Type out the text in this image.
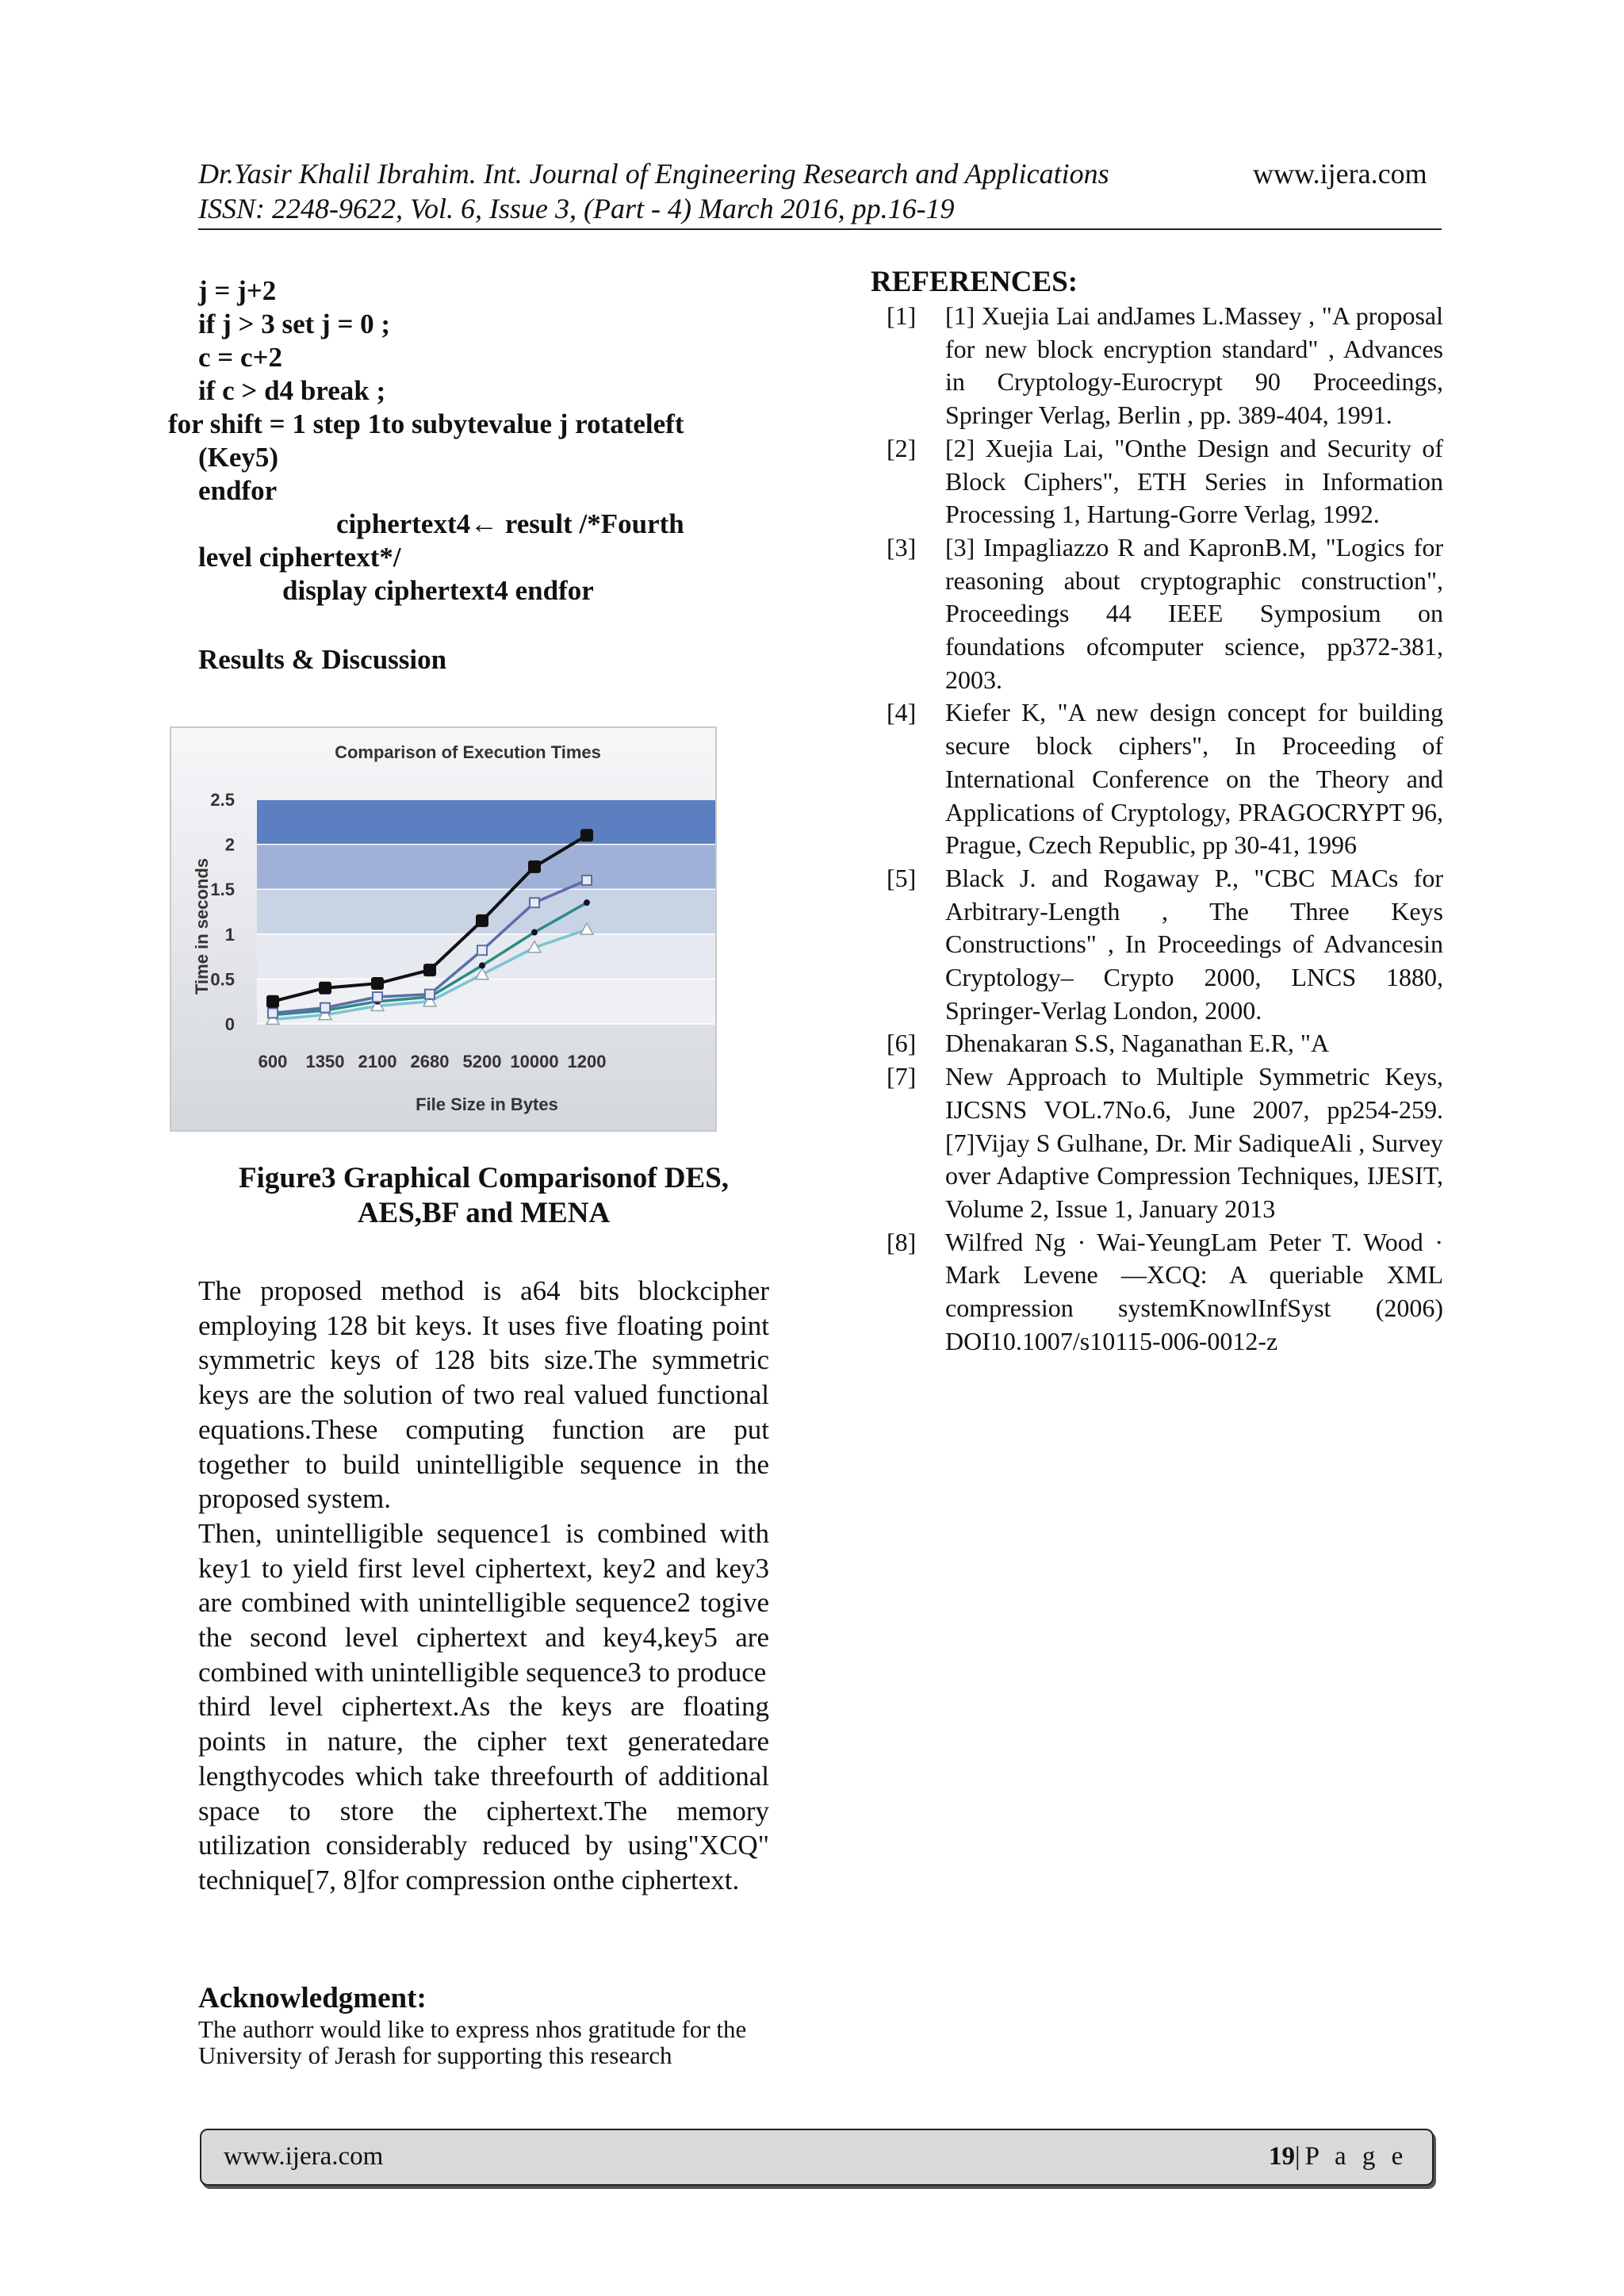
Dr.Yasir Khalil Ibrahim. Int. Journal of Engineering Research and Applications	www.ijera.com
ISSN: 2248-9622, Vol. 6, Issue 3, (Part - 4) March 2016, pp.16-19
j = j+2
if j > 3 set j = 0 ;
c = c+2
if c > d4 break ;
for shift = 1 step 1to subytevalue j rotateleft
(Key5)
endfor
ciphertext4← result /*Fourth
level ciphertext*/
display ciphertext4 endfor
Results & Discussion
Comparison of Execution Times
File Size in Bytes
Time in seconds
0
0.5
1
1.5
2
2.5
600 1350 2100 2680 5200 10000 1200
Figure3 Graphical Comparisonof DES,
AES,BF and MENA

The proposed method is a64 bits blockcipher employing 128 bit keys. It uses five floating point symmetric keys of 128 bits size.The symmetric keys are the solution of two real valued functional equations.These computing function are put together to build unintelligible sequence in the proposed system.

Then, unintelligible sequence1 is combined with key1 to yield first level ciphertext, key2 and key3 are combined with unintelligible sequence2 togive the second level ciphertext and key4,key5 are combined with unintelligible sequence3 to produce

third level ciphertext.As the keys are floating points in nature, the cipher text generatedare lengthycodes which take threefourth of additional space to store the ciphertext.The memory utilization considerably reduced by using"XCQ" technique[7, 8]for compression onthe ciphertext.

Acknowledgment:
The authorr would like to express nhos gratitude for the University of Jerash for supporting this research
REFERENCES:
[1] [1] Xuejia Lai andJames L.Massey , "A proposal for new block encryption standard" , Advances in Cryptology-Eurocrypt 90 Proceedings, Springer Verlag, Berlin , pp. 389-404, 1991.
[2] [2] Xuejia Lai, "Onthe Design and Security of Block Ciphers", ETH Series in Information Processing 1, Hartung-Gorre Verlag, 1992.
[3] [3] Impagliazzo R and KapronB.M, "Logics for reasoning about cryptographic construction", Proceedings 44 IEEE Symposium on foundations ofcomputer science, pp372-381, 2003.
[4] Kiefer K, "A new design concept for building secure block ciphers", In Proceeding of International Conference on the Theory and Applications of Cryptology, PRAGOCRYPT 96, Prague, Czech Republic, pp 30-41, 1996
[5] Black J. and Rogaway P., "CBC MACs for Arbitrary-Length , The Three Keys Constructions" , In Proceedings of Advancesin Cryptology– Crypto 2000, LNCS 1880, Springer-Verlag London, 2000.
[6] Dhenakaran S.S, Naganathan E.R, "A
[7] New Approach to Multiple Symmetric Keys, IJCSNS VOL.7No.6, June 2007, pp254-259. [7]Vijay S Gulhane, Dr. Mir SadiqueAli , Survey over Adaptive Compression Techniques, IJESIT, Volume 2, Issue 1, January 2013
[8] Wilfred Ng · Wai-YeungLam Peter T. Wood · Mark Levene ―XCQ: A queriable XML compression systemKnowlInfSyst (2006) DOI10.1007/s10115-006-0012-z
www.ijera.com	19|P a g e
